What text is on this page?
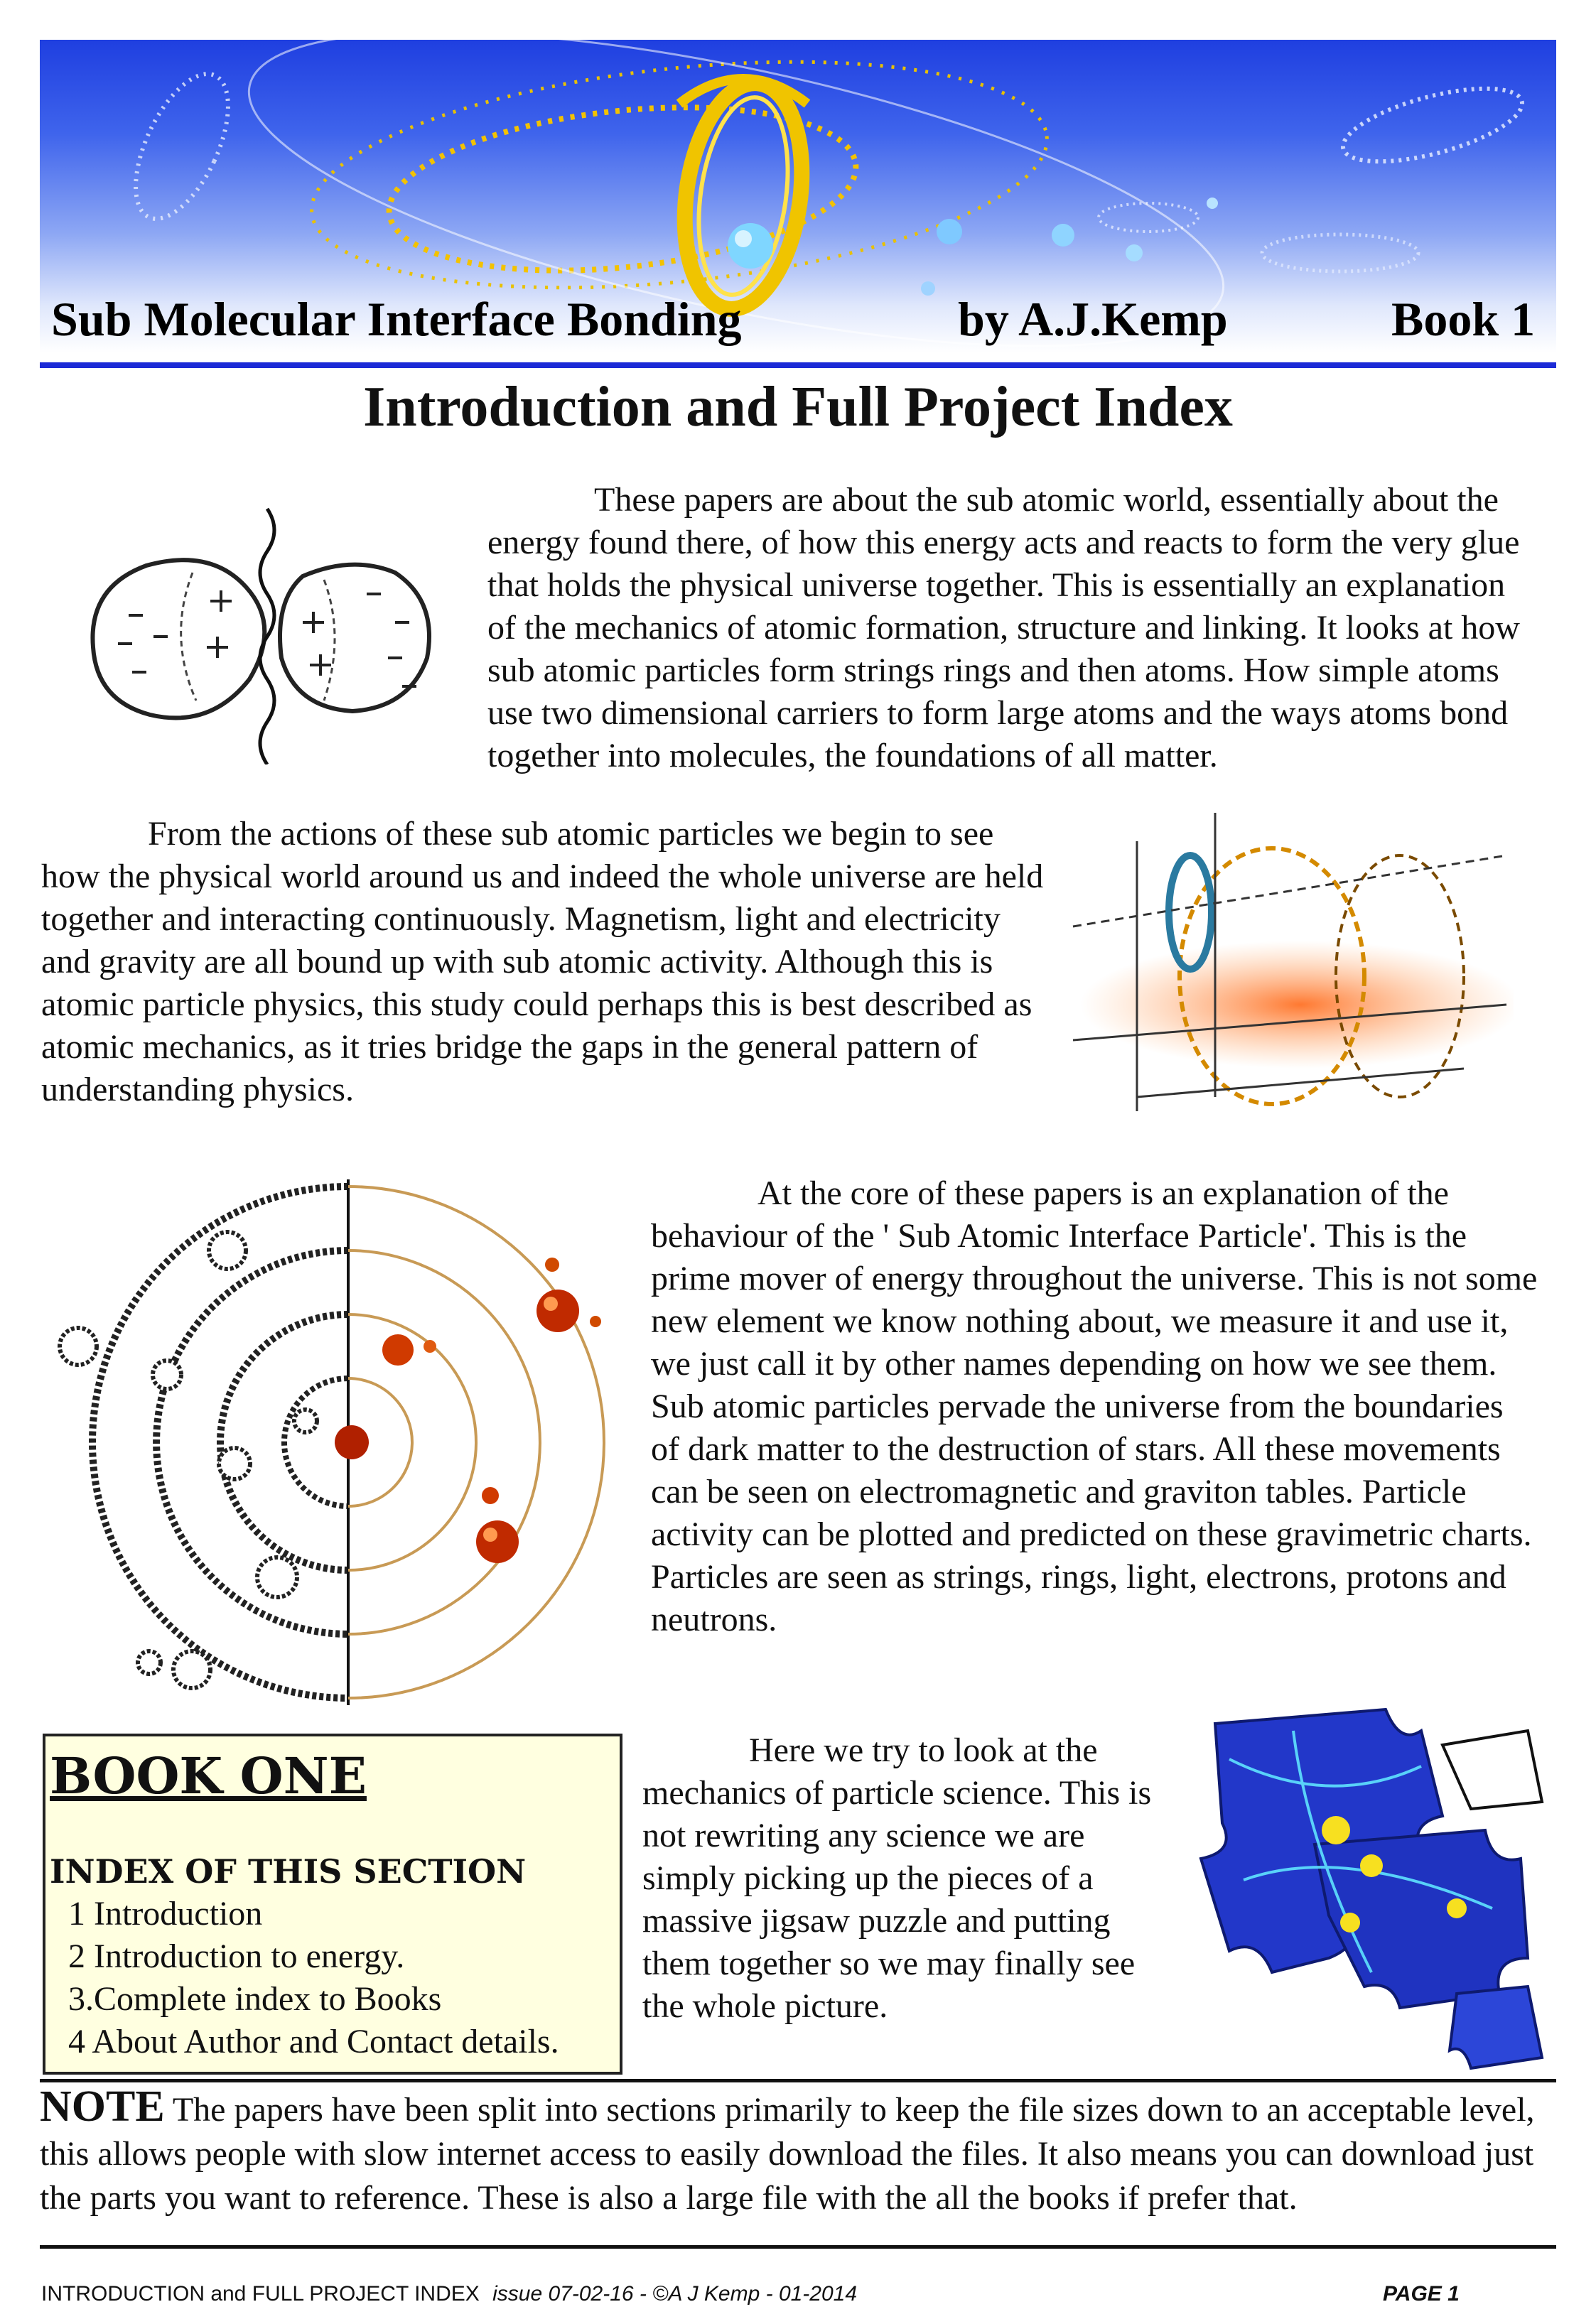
Sub Molecular Interface Bonding	by A.J.Kemp	Book 1
Introduction and Full Project Index

These papers are about the sub atomic world, essentially about the energy found there, of how this energy acts and reacts to form the very glue that holds the physical universe together. This is essentially an explanation of the mechanics of atomic formation, structure and linking. It looks at how sub atomic particles form strings rings and then atoms. How simple atoms use two dimensional carriers to form large atoms and the ways atoms bond together into molecules, the foundations of all matter.

From the actions of these sub atomic particles we begin to see how the physical world around us and indeed the whole universe are held together and interacting continuously. Magnetism, light and electricity and gravity are all bound up with sub atomic activity. Although this is atomic particle physics, this study could perhaps this is best described as atomic mechanics, as it tries bridge the gaps in the general pattern of understanding physics.

At the core of these papers is an explanation of the behaviour of the ' Sub Atomic Interface Particle'. This is the prime mover of energy throughout the universe. This is not some new element we know nothing about, we measure it and use it, we just call it by other names depending on how we see them.

Sub atomic particles pervade the universe from the boundaries of dark matter to the destruction of stars. All these movements can be seen on electromagnetic and graviton tables. Particle activity can be plotted and predicted on these gravimetric charts. Particles are seen as strings, rings, light, electrons, protons and neutrons.

BOOK ONE
INDEX OF THIS SECTION
1 Introduction
2 Introduction to energy.
3.Complete index to Books
4 About Author and Contact details.

Here we try to look at the mechanics of particle science. This is not rewriting any science we are simply picking up the pieces of a massive jigsaw puzzle and putting them together so we may finally see the whole picture.

NOTE The papers have been split into sections primarily to keep the file sizes down to an acceptable level, this allows people with slow internet access to easily download the files. It also means you can download just the parts you want to reference. These is also a large file with the all the books if prefer that.
INTRODUCTION and FULL PROJECT INDEX issue 07-02-16 - ©A J Kemp - 01-2014	PAGE 1
